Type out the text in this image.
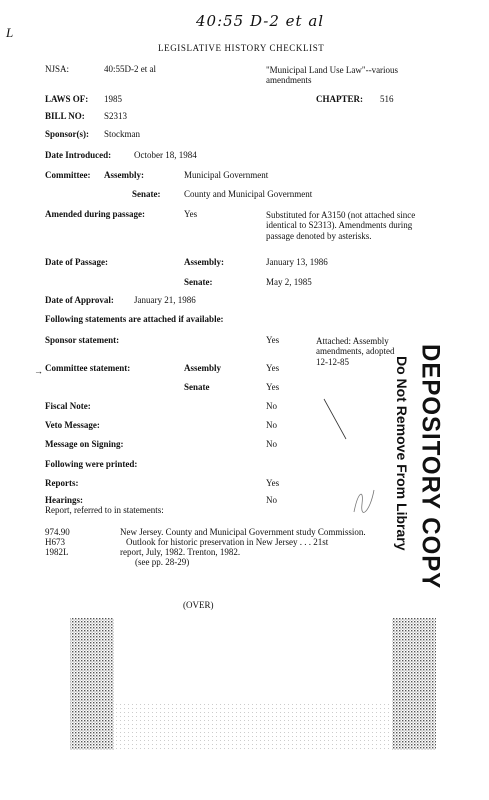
40:55 D-2 et al
L
LEGISLATIVE HISTORY CHECKLIST
NJSA:	40:55D-2 et al	"Municipal Land Use Law"--various amendments
LAWS OF: 1985	CHAPTER: 516
BILL NO: S2313
Sponsor(s): Stockman
Date Introduced:	October 18, 1984
Committee: Assembly:	Municipal Government
Senate:	County and Municipal Government
Amended during passage:	Yes	Substituted for A3150 (not attached since identical to S2313). Amendments during passage denoted by asterisks.
Date of Passage:	Assembly:	January 13, 1986
Senate:	May 2, 1985
Date of Approval: January 21, 1986
Following statements are attached if available:
Sponsor statement:	Yes	Attached: Assembly amendments, adopted 12-12-85
→ Committee statement:	Assembly	Yes
Senate	Yes
Fiscal Note:	No
Veto Message:	No
Message on Signing:	No
Following were printed:
Reports:	Yes
Hearings:	No
Report, referred to in statements:
974.90
H673
1982L
New Jersey. County and Municipal Government study Commission.
Outlook for historic preservation in New Jersey . . . 21st
report, July, 1982. Trenton, 1982.
(see pp. 28-29)
(OVER)
DEPOSITORY COPY
Do Not Remove From Library
